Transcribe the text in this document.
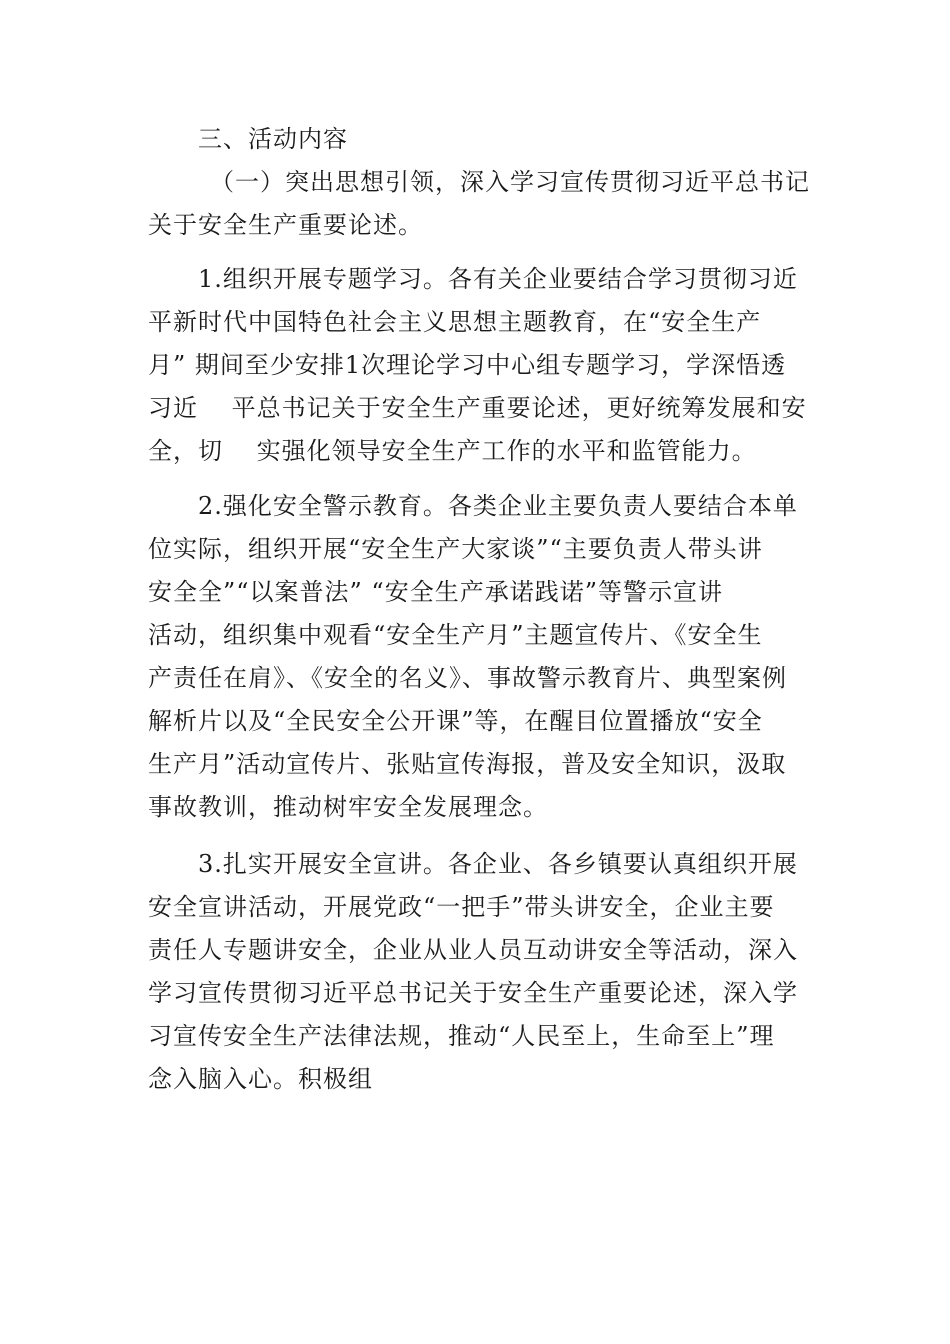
三、活动内容
（一）突出思想引领，深入学习宣传贯彻习近平总书记
关于安全生产重要论述。
1.组织开展专题学习。各有关企业要结合学习贯彻习近
平新时代中国特色社会主义思想主题教育，在“安全生产
月” 期间至少安排1次理论学习中心组专题学习，学深悟透
习近　 平总书记关于安全生产重要论述，更好统筹发展和安
全，切　 实强化领导安全生产工作的水平和监管能力。
2.强化安全警示教育。各类企业主要负责人要结合本单
位实际，组织开展“安全生产大家谈”“主要负责人带头讲
安全全”“以案普法” “安全生产承诺践诺”等警示宣讲
活动，组织集中观看“安全生产月”主题宣传片、《安全生
产责任在肩》、《安全的名义》、事故警示教育片、典型案例
解析片以及“全民安全公开课”等，在醒目位置播放“安全
生产月”活动宣传片、张贴宣传海报，普及安全知识，汲取
事故教训，推动树牢安全发展理念。
3.扎实开展安全宣讲。各企业、各乡镇要认真组织开展
安全宣讲活动，开展党政“一把手”带头讲安全，企业主要
责任人专题讲安全，企业从业人员互动讲安全等活动，深入
学习宣传贯彻习近平总书记关于安全生产重要论述，深入学
习宣传安全生产法律法规，推动“人民至上，生命至上”理
念入脑入心。积极组
